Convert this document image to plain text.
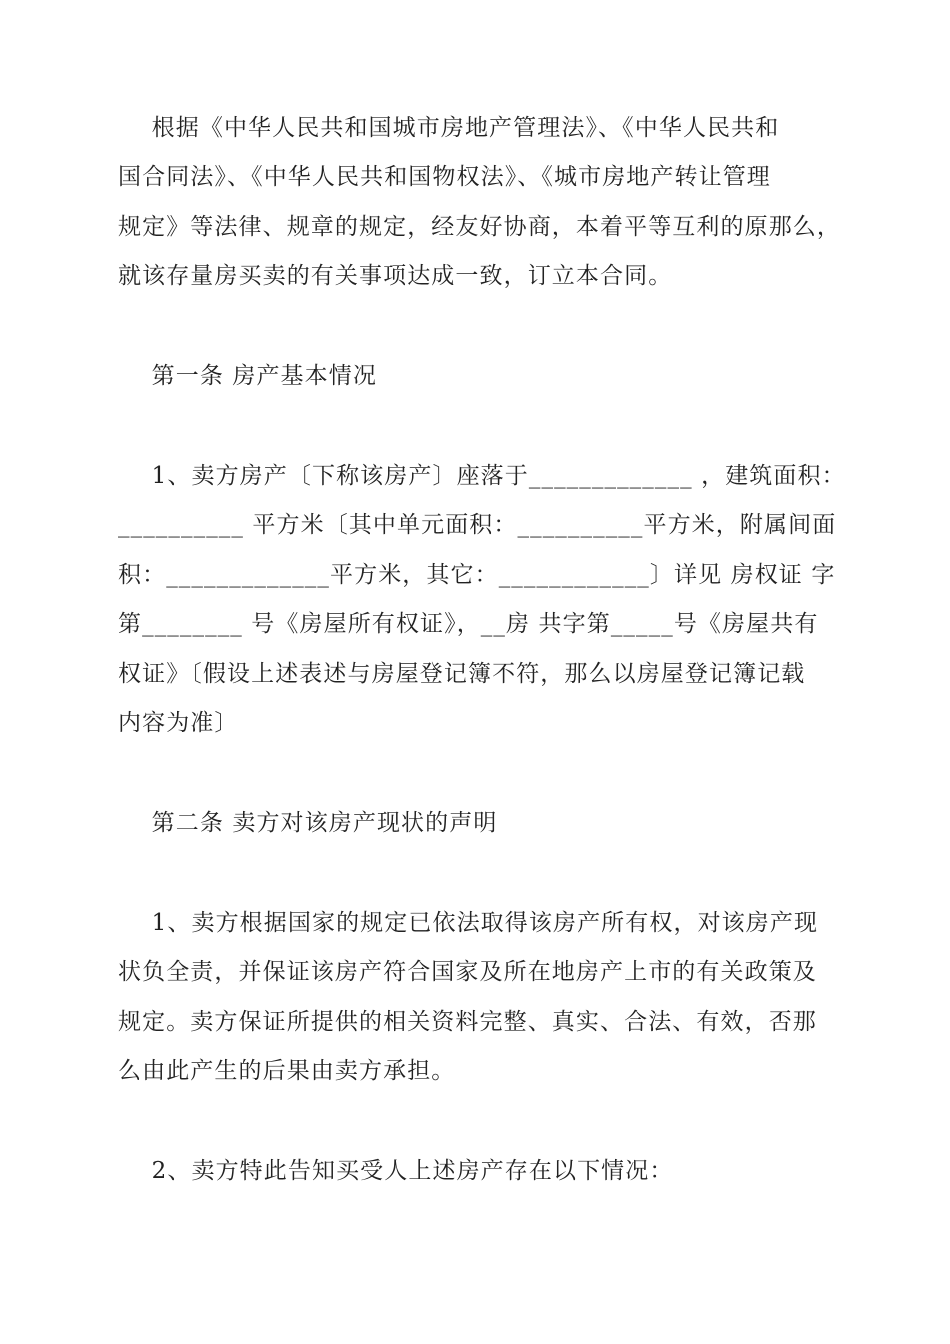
根据《中华人民共和国城市房地产管理法》、《中华人民共和
国合同法》、《中华人民共和国物权法》、《城市房地产转让管理
规定》等法律、规章的规定，经友好协商，本着平等互利的原那么，
就该存量房买卖的有关事项达成一致，订立本合同。
第一条 房产基本情况
1、卖方房产〔下称该房产〕座落于_____________ ，建筑面积：
__________ 平方米〔其中单元面积：__________平方米，附属间面
积：_____________平方米，其它：____________〕详见 房权证 字
第________ 号《房屋所有权证》，__房 共字第_____号《房屋共有
权证》〔假设上述表述与房屋登记簿不符，那么以房屋登记簿记载
内容为准〕
第二条 卖方对该房产现状的声明
1、卖方根据国家的规定已依法取得该房产所有权，对该房产现
状负全责，并保证该房产符合国家及所在地房产上市的有关政策及
规定。卖方保证所提供的相关资料完整、真实、合法、有效，否那
么由此产生的后果由卖方承担。
2、卖方特此告知买受人上述房产存在以下情况：
